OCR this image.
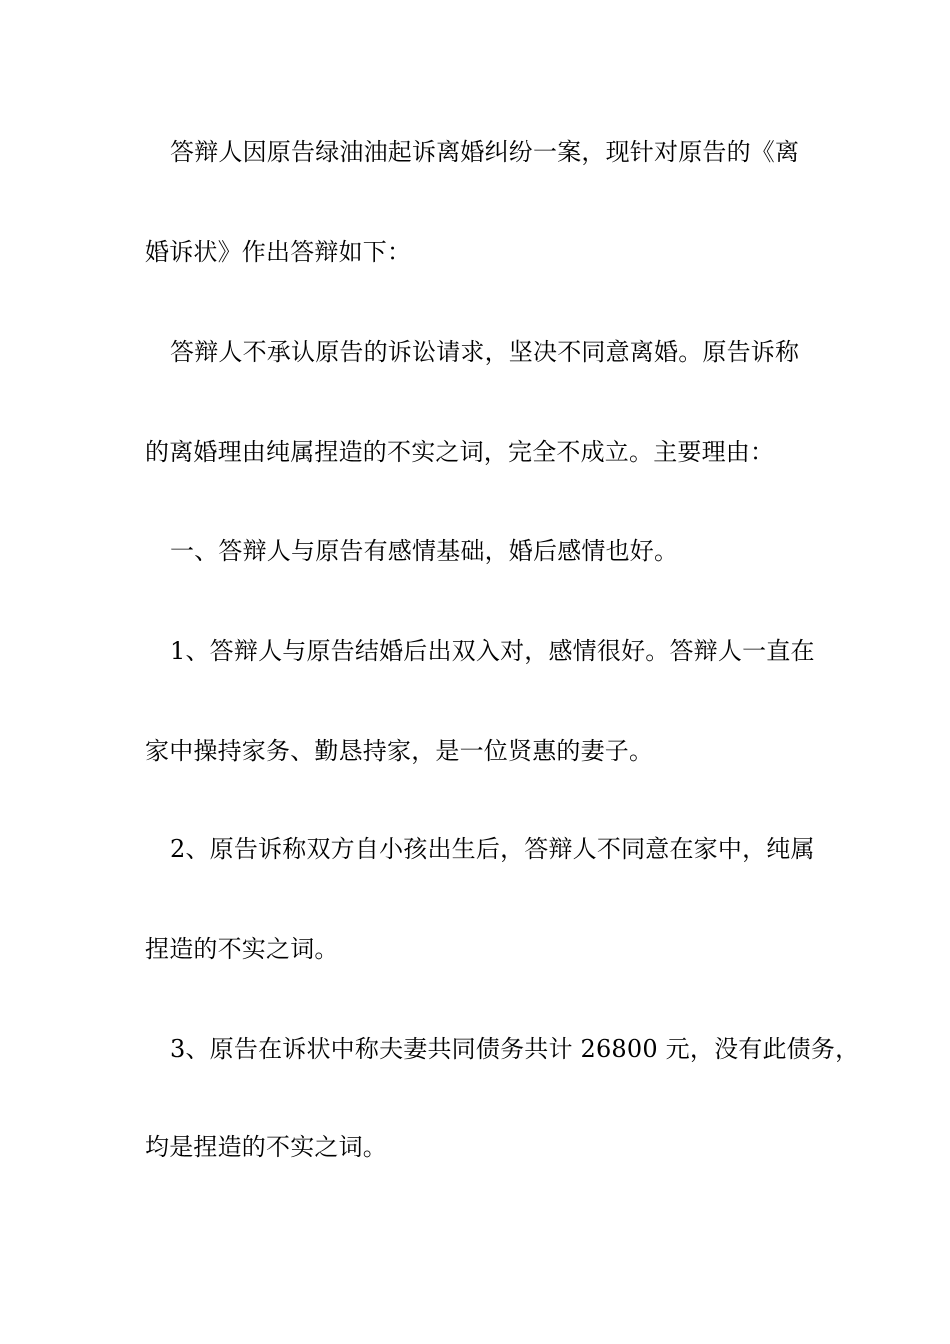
答辩人因原告绿油油起诉离婚纠纷一案，现针对原告的《离
婚诉状》作出答辩如下：
答辩人不承认原告的诉讼请求，坚决不同意离婚。原告诉称
的离婚理由纯属捏造的不实之词，完全不成立。主要理由：
一、答辩人与原告有感情基础，婚后感情也好。
1、答辩人与原告结婚后出双入对，感情很好。答辩人一直在
家中操持家务、勤恳持家，是一位贤惠的妻子。
2、原告诉称双方自小孩出生后，答辩人不同意在家中，纯属
捏造的不实之词。
3、原告在诉状中称夫妻共同债务共计 26800 元，没有此债务，
均是捏造的不实之词。
